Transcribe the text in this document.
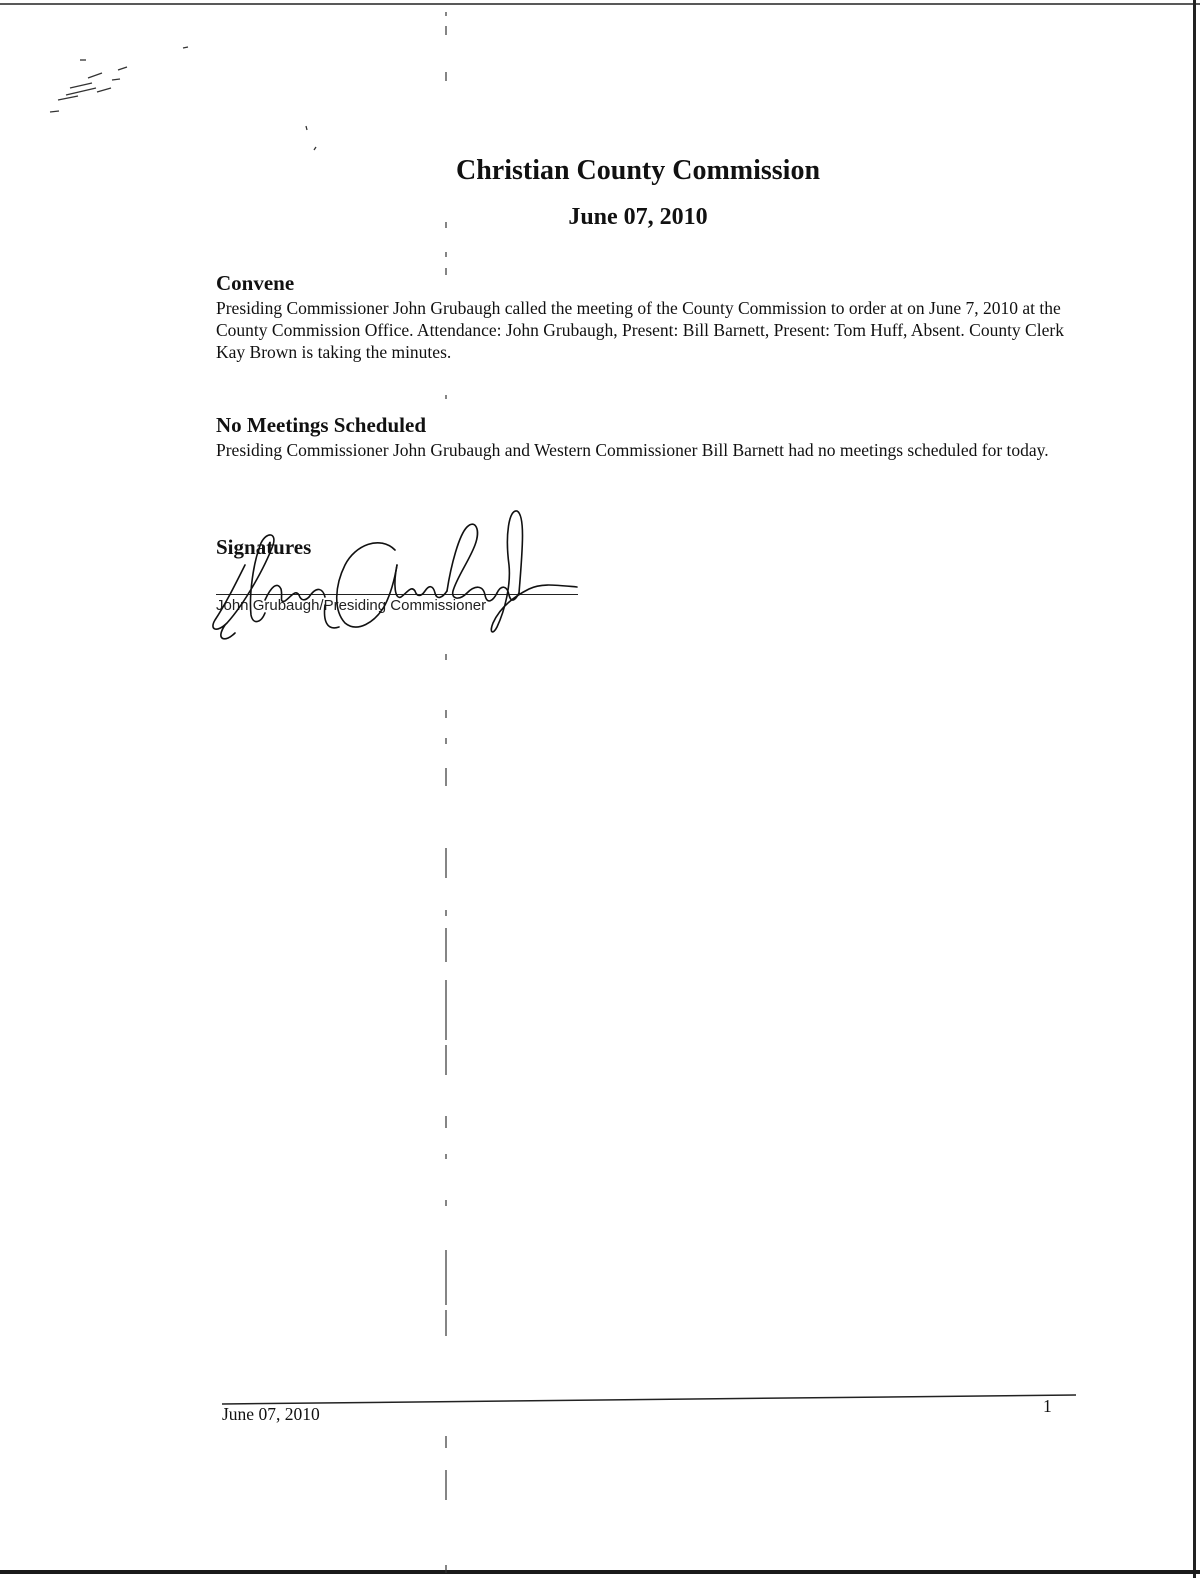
Christian County Commission
June 07, 2010
Convene

Presiding Commissioner John Grubaugh called the meeting of the County Commission to order at on June 7, 2010 at the County Commission Office. Attendance: John Grubaugh, Present: Bill Barnett, Present: Tom Huff, Absent. County Clerk Kay Brown is taking the minutes.

No Meetings Scheduled

Presiding Commissioner John Grubaugh and Western Commissioner Bill Barnett had no meetings scheduled for today.

Signatures
John Grubaugh/Presiding Commissioner
June 07, 2010	1
